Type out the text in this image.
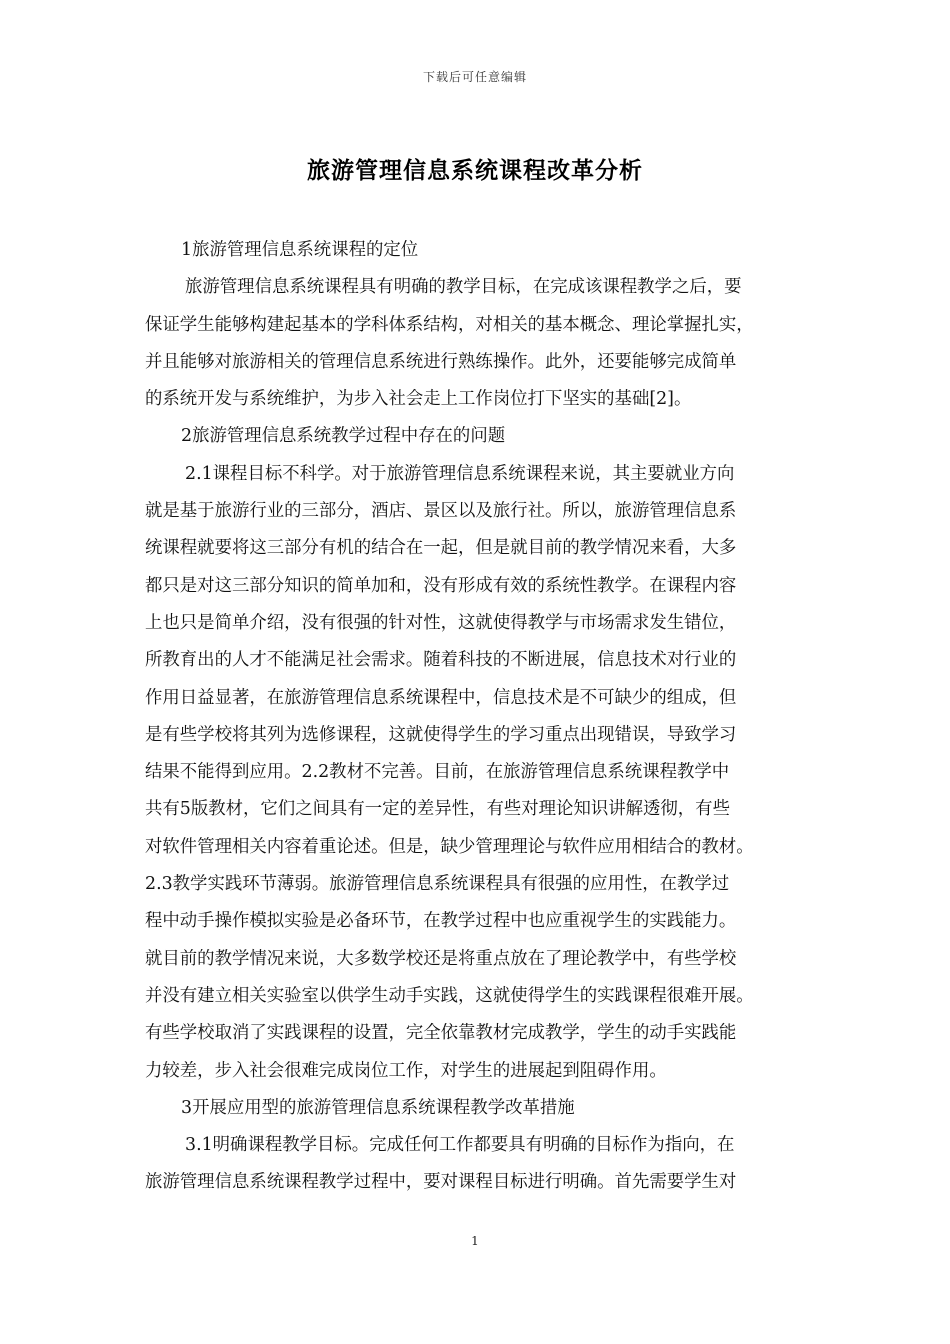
下载后可任意编辑
旅游管理信息系统课程改革分析
1旅游管理信息系统课程的定位
旅游管理信息系统课程具有明确的教学目标，在完成该课程教学之后，要
保证学生能够构建起基本的学科体系结构，对相关的基本概念、理论掌握扎实，
并且能够对旅游相关的管理信息系统进行熟练操作。此外，还要能够完成简单
的系统开发与系统维护，为步入社会走上工作岗位打下坚实的基础[2]。
2旅游管理信息系统教学过程中存在的问题
2.1课程目标不科学。对于旅游管理信息系统课程来说，其主要就业方向
就是基于旅游行业的三部分，酒店、景区以及旅行社。所以，旅游管理信息系
统课程就要将这三部分有机的结合在一起，但是就目前的教学情况来看，大多
都只是对这三部分知识的简单加和，没有形成有效的系统性教学。在课程内容
上也只是简单介绍，没有很强的针对性，这就使得教学与市场需求发生错位，
所教育出的人才不能满足社会需求。随着科技的不断进展，信息技术对行业的
作用日益显著，在旅游管理信息系统课程中，信息技术是不可缺少的组成，但
是有些学校将其列为选修课程，这就使得学生的学习重点出现错误，导致学习
结果不能得到应用。2.2教材不完善。目前，在旅游管理信息系统课程教学中
共有5版教材，它们之间具有一定的差异性，有些对理论知识讲解透彻，有些
对软件管理相关内容着重论述。但是，缺少管理理论与软件应用相结合的教材。
2.3教学实践环节薄弱。旅游管理信息系统课程具有很强的应用性，在教学过
程中动手操作模拟实验是必备环节，在教学过程中也应重视学生的实践能力。
就目前的教学情况来说，大多数学校还是将重点放在了理论教学中，有些学校
并没有建立相关实验室以供学生动手实践，这就使得学生的实践课程很难开展。
有些学校取消了实践课程的设置，完全依靠教材完成教学，学生的动手实践能
力较差，步入社会很难完成岗位工作，对学生的进展起到阻碍作用。
3开展应用型的旅游管理信息系统课程教学改革措施
3.1明确课程教学目标。完成任何工作都要具有明确的目标作为指向，在
旅游管理信息系统课程教学过程中，要对课程目标进行明确。首先需要学生对
1
